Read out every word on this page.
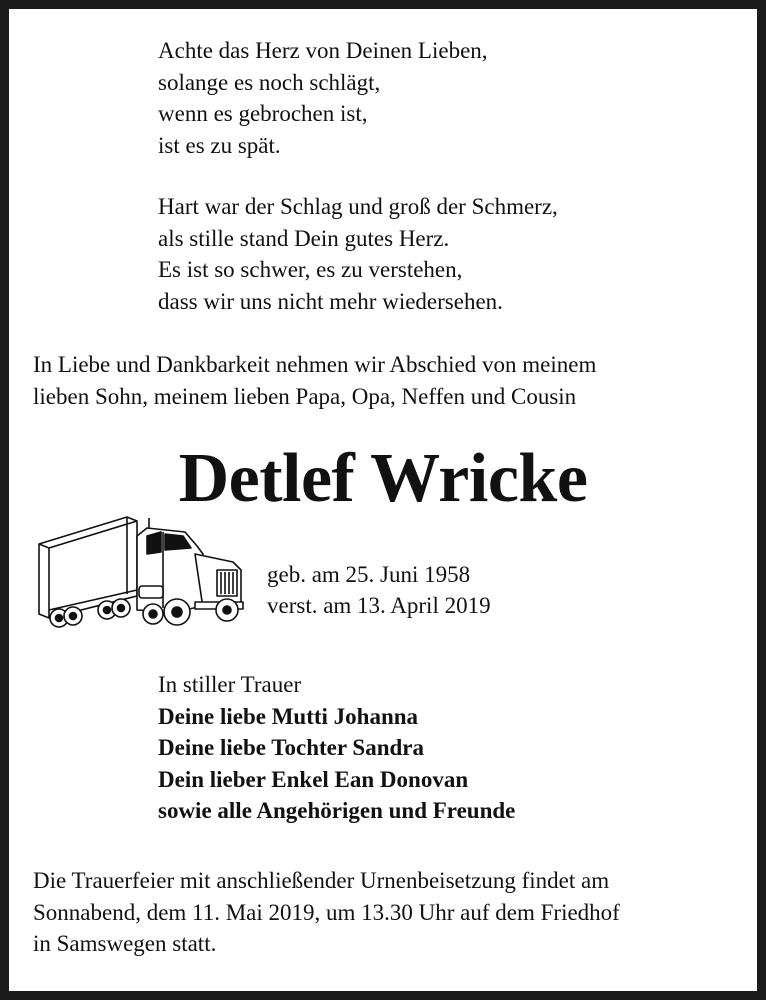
Achte das Herz von Deinen Lieben,
solange es noch schlägt,
wenn es gebrochen ist,
ist es zu spät.
Hart war der Schlag und groß der Schmerz,
als stille stand Dein gutes Herz.
Es ist so schwer, es zu verstehen,
dass wir uns nicht mehr wiedersehen.
In Liebe und Dankbarkeit nehmen wir Abschied von meinem
lieben Sohn, meinem lieben Papa, Opa, Neffen und Cousin
Detlef Wricke
geb. am 25. Juni 1958
verst. am 13. April 2019
In stiller Trauer
Deine liebe Mutti Johanna
Deine liebe Tochter Sandra
Dein lieber Enkel Ean Donovan
sowie alle Angehörigen und Freunde
Die Trauerfeier mit anschließender Urnenbeisetzung findet am
Sonnabend, dem 11. Mai 2019, um 13.30 Uhr auf dem Friedhof
in Samswegen statt.
